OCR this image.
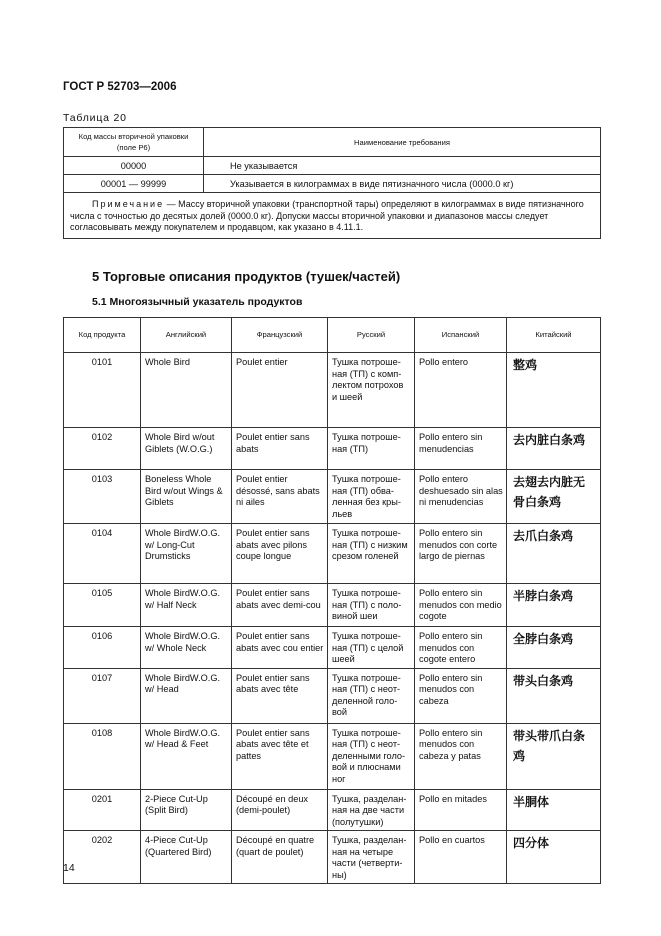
ГОСТ Р 52703—2006
Таблица 20
Код массы вторичной упаковки (поле Р6)	Наименование требования
00000	Не указывается
00001 — 99999	Указывается в килограммах в виде пятизначного числа (0000.0 кг)
Примечание — Массу вторичной упаковки (транспортной тары) определяют в килограммах в виде пятизначного числа с точностью до десятых долей (0000.0 кг). Допуски массы вторичной упаковки и диапазонов массы следует согласовывать между покупателем и продавцом, как указано в 4.11.1.	
5 Торговые описания продуктов (тушек/частей)
5.1 Многоязычный указатель продуктов
Код продукта	Английский	Французский	Русский	Испанский	Китайский
0101	Whole Bird	Poulet entier	Тушка потроше-ная (ТП) с комп-лектом потрохов и шеей	Pollo entero	整鸡
0102	Whole Bird w/out Giblets (W.O.G.)	Poulet entier sans abats	Тушка потроше-ная (ТП)	Pollo entero sin menudencias	去内脏白条鸡
0103	Boneless Whole Bird w/out Wings & Giblets	Poulet entier désossé, sans abats ni ailes	Тушка потроше-ная (ТП) обва-ленная без кры-льев	Pollo entero deshuesado sin alas ni menudencias	去翅去内脏无骨白条鸡
0104	Whole BirdW.O.G. w/ Long-Cut Drumsticks	Poulet entier sans abats avec pilons coupe longue	Тушка потроше-ная (ТП) с низким срезом голеней	Pollo entero sin menudos con corte largo de piernas	去爪白条鸡
0105	Whole BirdW.O.G. w/ Half Neck	Poulet entier sans abats avec demi-cou	Тушка потроше-ная (ТП) с поло-виной шеи	Pollo entero sin menudos con medio cogote	半脖白条鸡
0106	Whole BirdW.O.G. w/ Whole Neck	Poulet entier sans abats avec cou entier	Тушка потроше-ная (ТП) с целой шеей	Pollo entero sin menudos con cogote entero	全脖白条鸡
0107	Whole BirdW.O.G. w/ Head	Poulet entier sans abats avec tête	Тушка потроше-ная (ТП) с неот-деленной голо-вой	Pollo entero sin menudos con cabeza	带头白条鸡
0108	Whole BirdW.O.G. w/ Head & Feet	Poulet entier sans abats avec tête et pattes	Тушка потроше-ная (ТП) с неот-деленными голо-вой и плюснами ног	Pollo entero sin menudos con cabeza y patas	带头带爪白条鸡
0201	2-Piece Cut-Up (Split Bird)	Découpé en deux (demi-poulet)	Тушка, разделан-ная на две части (полутушки)	Pollo en mitades	半胴体
0202	4-Piece Cut-Up (Quartered Bird)	Découpé en quatre (quart de poulet)	Тушка, разделан-ная на четыре части (четверти-ны)	Pollo en cuartos	四分体
14
